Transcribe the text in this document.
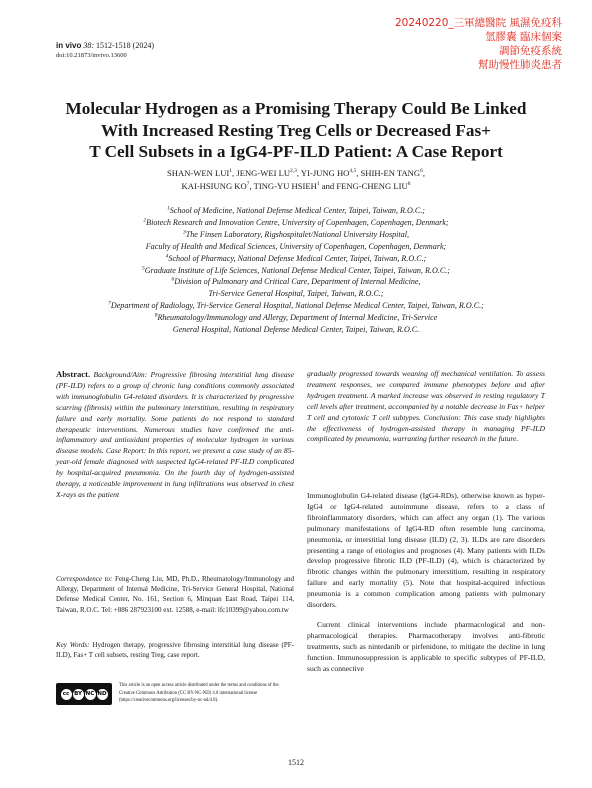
in vivo 38: 1512-1518 (2024)
doi:10.21873/invivo.13600
20240220_三軍總醫院 風濕免疫科
氫膠囊 臨床個案
調節免疫系統
幫助慢性肺炎患者
Molecular Hydrogen as a Promising Therapy Could Be Linked
With Increased Resting Treg Cells or Decreased Fas+
T Cell Subsets in a IgG4-PF-ILD Patient: A Case Report
SHAN-WEN LUI$^1$, JENG-WEI LU$^{2,3}$, YI-JUNG HO$^{4,5}$, SHIH-EN TANG$^6$,
KAI-HSIUNG $KO^7$, TING-YU HSIEH$^1$ and FENG-CHENG LIU$^8$
$^1$School of Medicine, National Defense Medical Center, Taipei, Taiwan, R.O.C.;
$^2$Biotech Research and Innovation Centre, University of Copenhagen, Copenhagen, Denmark;
$^3$The Finsen Laboratory, Rigshospitalet/National University Hospital,
Faculty of Health and Medical Sciences, University of Copenhagen, Copenhagen, Denmark;
$^4$School of Pharmacy, National Defense Medical Center, Taipei, Taiwan, R.O.C.;
$^5$Graduate Institute of Life Sciences, National Defense Medical Center, Taipei, Taiwan, R.O.C.;
$^6$Division of Pulmonary and Critical Care, Department of Internal Medicine,
Tri-Service General Hospital, Taipei, Taiwan, R.O.C.;
$^7$Department of Radiology, Tri-Service General Hospital, National Defense Medical Center, Taipei, Taiwan, R.O.C.;
$^8$Rheumatology/Immunology and Allergy, Department of Internal Medicine, Tri-Service
General Hospital, National Defense Medical Center, Taipei, Taiwan, R.O.C.
Abstract. Background/Aim: Progressive fibrosing interstitial lung disease (PF-ILD) refers to a group of chronic lung conditions commonly associated with immunoglobulin G4-related disorders. It is characterized by progressive scarring (fibrosis) within the pulmonary interstitium, resulting in respiratory failure and early mortality. Some patients do not respond to standard therapeutic interventions. Numerous studies have confirmed the anti-inflammatory and antioxidant properties of molecular hydrogen in various disease models. Case Report: In this report, we present a case study of an 85-year-old female diagnosed with suspected IgG4-related PF-ILD complicated by hospital-acquired pneumonia. On the fourth day of hydrogen-assisted therapy, a noticeable improvement in lung infiltrations was observed in chest X-rays as the patient
Correspondence to: Feng-Cheng Liu, MD, Ph.D., Rheumatology/Immunology and Allergy, Department of Internal Medicine, Tri-Service General Hospital, National Defense Medical Center, No. 161, Section 6, Minquan East Road, Taipei 114, Taiwan, R.O.C. Tel: +886 287923100 ext. 12588, e-mail: lfc10399@yahoo.com.tw
Key Words: Hydrogen therapy, progressive fibrosing interstitial lung disease (PF-ILD), Fas+ T cell subsets, resting Treg, case report.
cc BY NC ND
This article is an open access article distributed under the terms and conditions of the Creative Commons Attribution (CC BY-NC-ND) 4.0 international license (https://creativecommons.org/licenses/by-nc-nd/4.0).
gradually progressed towards weaning off mechanical ventilation. To assess treatment responses, we compared immune phenotypes before and after hydrogen treatment. A marked increase was observed in resting regulatory T cell levels after treatment, accompanied by a notable decrease in Fas+ helper T cell and cytotoxic T cell subtypes. Conclusion: This case study highlights the effectiveness of hydrogen-assisted therapy in managing PF-ILD complicated by pneumonia, warranting further research in the future.

Immunoglobulin G4-related disease (IgG4-RDs), otherwise known as hyper-IgG4 or IgG4-related autoimmune disease, refers to a class of fibroinflammatory disorders, which can affect any organ (1). The various pulmonary manifestations of IgG4-RD often resemble lung carcinoma, pneumonia, or interstitial lung disease (ILD) (2, 3). ILDs are rare disorders presenting a range of etiologies and prognoses (4). Many patients with ILDs develop progressive fibrotic ILD (PF-ILD) (4), which is characterized by fibrotic changes within the pulmonary interstitium, resulting in respiratory failure and early mortality (5). Note that hospital-acquired infectious pneumonia is a common complication among patients with pulmonary disorders.

Current clinical interventions include pharmacological and non-pharmacological therapies. Pharmacotherapy involves anti-fibrotic treatments, such as nintedanib or pirfenidone, to mitigate the decline in lung function. Immunosuppression is applicable to specific subtypes of PF-ILD, such as connective

1512
